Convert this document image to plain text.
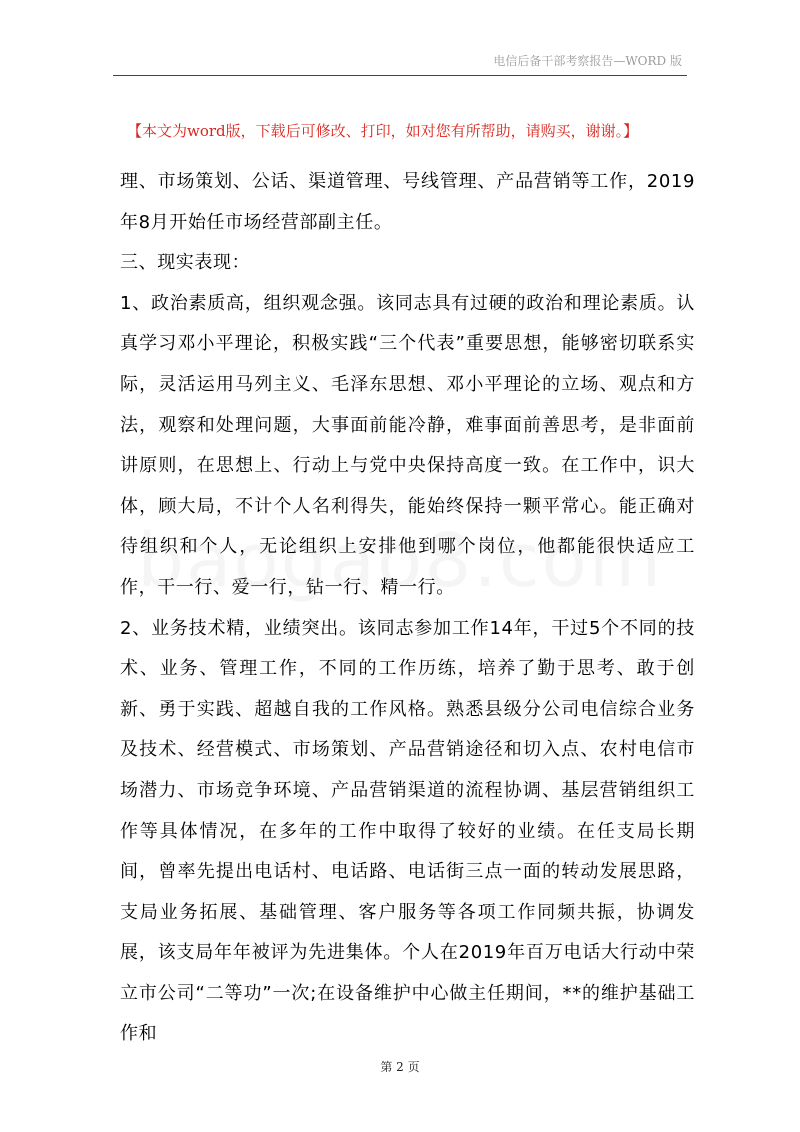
电信后备干部考察报告—WORD 版
【本文为word版，下载后可修改、打印，如对您有所帮助，请购买，谢谢。】

理、市场策划、公话、渠道管理、号线管理、产品营销等工作，2019年8月开始任市场经营部副主任。

三、现实表现：

1、政治素质高，组织观念强。该同志具有过硬的政治和理论素质。认真学习邓小平理论，积极实践“三个代表”重要思想，能够密切联系实际，灵活运用马列主义、毛泽东思想、邓小平理论的立场、观点和方法，观察和处理问题，大事面前能冷静，难事面前善思考，是非面前讲原则，在思想上、行动上与党中央保持高度一致。在工作中，识大体，顾大局，不计个人名利得失，能始终保持一颗平常心。能正确对待组织和个人，无论组织上安排他到哪个岗位，他都能很快适应工作，干一行、爱一行，钻一行、精一行。

2、业务技术精，业绩突出。该同志参加工作14年，干过5个不同的技术、业务、管理工作，不同的工作历练，培养了勤于思考、敢于创新、勇于实践、超越自我的工作风格。熟悉县级分公司电信综合业务及技术、经营模式、市场策划、产品营销途径和切入点、农村电信市场潜力、市场竞争环境、产品营销渠道的流程协调、基层营销组织工作等具体情况，在多年的工作中取得了较好的业绩。在任支局长期间，曾率先提出电话村、电话路、电话街三点一面的转动发展思路，支局业务拓展、基础管理、客户服务等各项工作同频共振，协调发展，该支局年年被评为先进集体。个人在2019年百万电话大行动中荣立市公司“二等功”一次;在设备维护中心做主任期间，**的维护基础工作和

第 2 页
